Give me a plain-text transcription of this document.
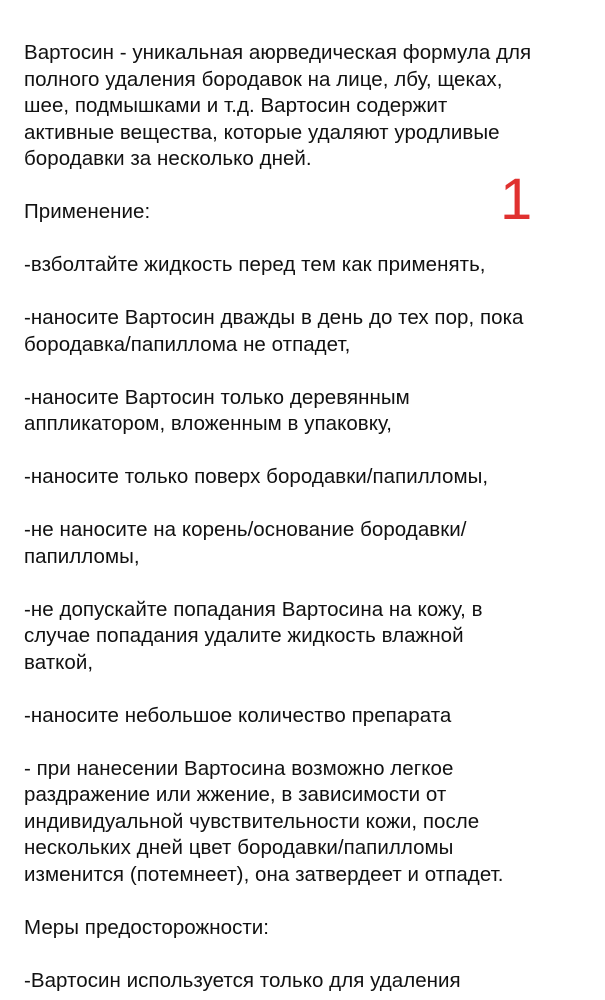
Вартосин - уникальная аюрведическая формула для
полного удаления бородавок на лице, лбу, щеках,
шее, подмышками и т.д. Вартосин содержит
активные вещества, которые удаляют уродливые
бородавки за несколько дней.

Применение:

-взболтайте жидкость перед тем как применять,

-наносите Вартосин дважды в день до тех пор, пока
бородавка/папиллома не отпадет,

-наносите Вартосин только деревянным
аппликатором, вложенным в упаковку,

-наносите только поверх бородавки/папилломы,

-не наносите на корень/основание бородавки/
папилломы,

-не допускайте попадания Вартосина на кожу, в
случае попадания удалите жидкость влажной
ваткой,

-наносите небольшое количество препарата

- при нанесении Вартосина возможно легкое
раздражение или жжение, в зависимости от
индивидуальной чувствительности кожи, после
нескольких дней цвет бородавки/папилломы
изменится (потемнеет), она затвердеет и отпадет.

Меры предосторожности:

-Вартосин используется только для удаления

1
